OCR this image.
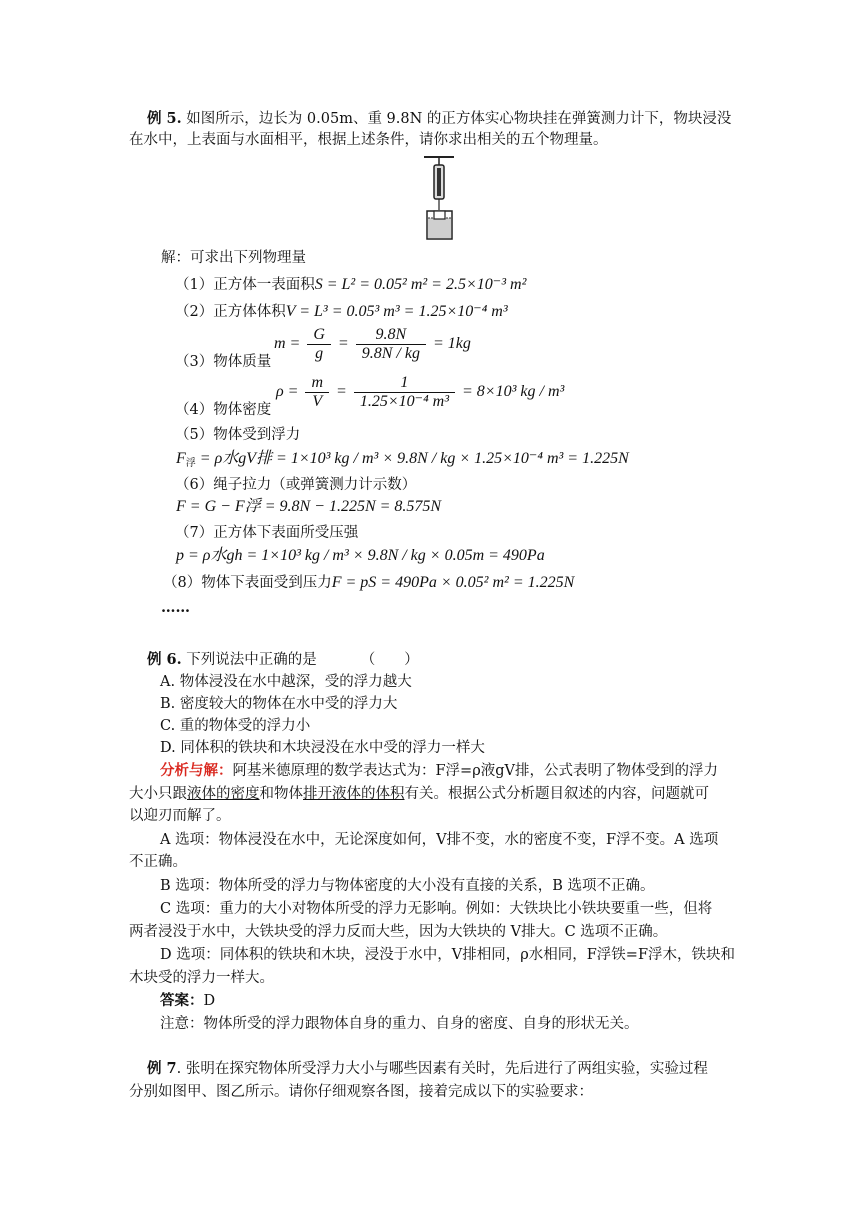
例 5. 如图所示，边长为 0.05m、重 9.8N 的正方体实心物块挂在弹簧测力计下，物块浸没
在水中，上表面与水面相平，根据上述条件，请你求出相关的五个物理量。
解：可求出下列物理量
（1）正方体一表面积S = L² = 0.05² m² = 2.5×10⁻³ m²
（2）正方体体积V = L³ = 0.05³ m³ = 1.25×10⁻⁴ m³
（3）物体质量
$m = \frac{G}{g} = \frac{9.8N}{9.8N / kg} = 1kg$
（4）物体密度
$\rho = \frac{m}{V} = \frac{1}{\text{1.25×10⁻⁴ m³}} = 8\times 10^3$ kg / m³
（5）物体受到浮力
$F_浮 = \rho$水gV排 = 1×10³ kg / m³ × 9.8N / kg × 1.25×10⁻⁴ m³ = 1.225N
（6）绳子拉力（或弹簧测力计示数）
F = G − F浮 = 9.8N − 1.225N = 8.575N
（7）正方体下表面所受压强
p = ρ水gh = 1×10³ kg / m³ × 9.8N / kg × 0.05m = 490Pa
（8）物体下表面受到压力F = pS = 490Pa × 0.05² m² = 1.225N
……
例 6. 下列说法中正确的是	（　　）
A. 物体浸没在水中越深，受的浮力越大
B. 密度较大的物体在水中受的浮力大
C. 重的物体受的浮力小
D. 同体积的铁块和木块浸没在水中受的浮力一样大
分析与解：阿基米德原理的数学表达式为：F浮=ρ液gV排，公式表明了物体受到的浮力
大小只跟液体的密度和物体排开液体的体积有关。根据公式分析题目叙述的内容，问题就可
以迎刃而解了。
A 选项：物体浸没在水中，无论深度如何，V排不变，水的密度不变，F浮不变。A 选项
不正确。
B 选项：物体所受的浮力与物体密度的大小没有直接的关系，B 选项不正确。
C 选项：重力的大小对物体所受的浮力无影响。例如：大铁块比小铁块要重一些，但将
两者浸没于水中，大铁块受的浮力反而大些，因为大铁块的 V排大。C 选项不正确。
D 选项：同体积的铁块和木块，浸没于水中，V排相同，ρ水相同，F浮铁=F浮木，铁块和
木块受的浮力一样大。
答案：D
注意：物体所受的浮力跟物体自身的重力、自身的密度、自身的形状无关。
例 7. 张明在探究物体所受浮力大小与哪些因素有关时，先后进行了两组实验，实验过程
分别如图甲、图乙所示。请你仔细观察各图，接着完成以下的实验要求：
